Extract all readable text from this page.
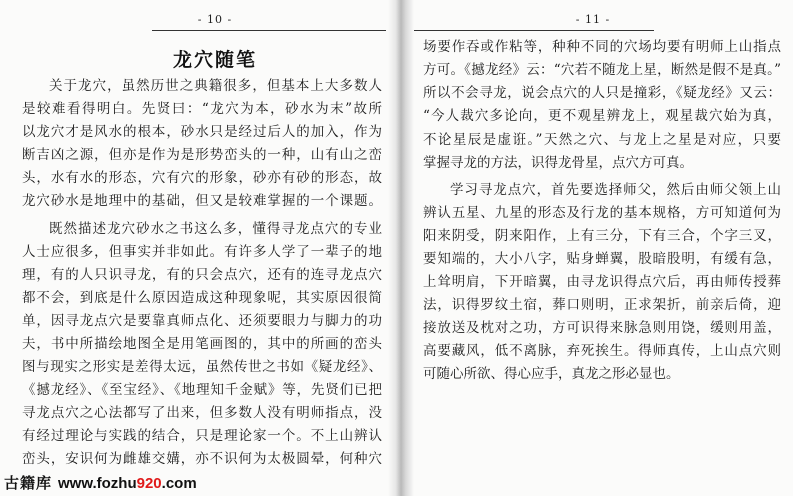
- 10 -
龙穴随笔
关于龙穴，虽然历世之典籍很多，但基本上大多数人
是较难看得明白。先贤曰：“龙穴为本，砂水为末”故所
以龙穴才是风水的根本，砂水只是经过后人的加入，作为
断吉凶之源，但亦是作为是形势峦头的一种，山有山之峦
头，水有水的形态，穴有穴的形象，砂亦有砂的形态，故
龙穴砂水是地理中的基础，但又是较难掌握的一个课题。
既然描述龙穴砂水之书这么多，懂得寻龙点穴的专业
人士应很多，但事实并非如此。有许多人学了一辈子的地
理，有的人只识寻龙，有的只会点穴，还有的连寻龙点穴
都不会，到底是什么原因造成这种现象呢，其实原因很简
单，因寻龙点穴是要靠真师点化、还须要眼力与脚力的功
夫，书中所描绘地图全是用笔画图的，其中的所画的峦头
图与现实之形实是差得太远，虽然传世之书如《疑龙经》、
《撼龙经》、《至宝经》、《地理知千金赋》等，先贤们已把
寻龙点穴之心法都写了出来，但多数人没有明师指点，没
有经过理论与实践的结合，只是理论家一个。不上山辨认
峦头，安识何为雌雄交媾，亦不识何为太极圆晕，何种穴
- 11 -
场要作吞或作粘等，种种不同的穴场均要有明师上山指点
方可。《撼龙经》云：“穴若不随龙上星，断然是假不是真。”
所以不会寻龙，说会点穴的人只是撞彩，《疑龙经》又云：
“今人裁穴多论向，更不观星辨龙上，观星裁穴始为真，
不论星辰是虚诳。”天然之穴、与龙上之星是对应，只要
掌握寻龙的方法，识得龙骨星，点穴方可真。
学习寻龙点穴，首先要选择师父，然后由师父领上山
辨认五星、九星的形态及行龙的基本规格，方可知道何为
阳来阴受，阴来阳作，上有三分，下有三合，个字三叉，
要知端的，大小八字，贴身蝉翼，股暗股明，有缓有急，
上耸明肩，下开暗翼，由寻龙识得点穴后，再由师传授葬
法，识得罗纹土宿，葬口则明，正求架折，前亲后倚，迎
接放送及枕对之功，方可识得来脉急则用饶，缓则用盖，
高要藏风，低不离脉，弃死挨生。得师真传，上山点穴则
可随心所欲、得心应手，真龙之形必显也。
古籍库 www.fozhu920.com
